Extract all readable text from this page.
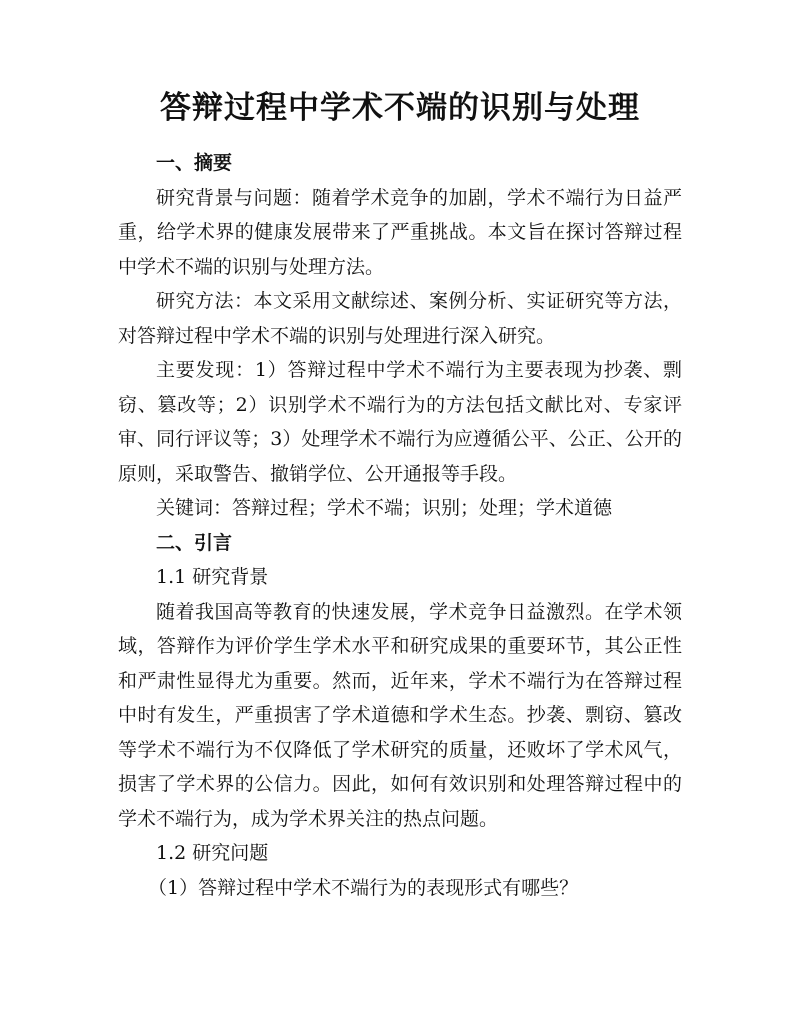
答辩过程中学术不端的识别与处理

一、摘要

研究背景与问题：随着学术竞争的加剧，学术不端行为日益严重，给学术界的健康发展带来了严重挑战。本文旨在探讨答辩过程中学术不端的识别与处理方法。

研究方法：本文采用文献综述、案例分析、实证研究等方法，对答辩过程中学术不端的识别与处理进行深入研究。

主要发现：1）答辩过程中学术不端行为主要表现为抄袭、剽窃、篡改等；2）识别学术不端行为的方法包括文献比对、专家评审、同行评议等；3）处理学术不端行为应遵循公平、公正、公开的原则，采取警告、撤销学位、公开通报等手段。

关键词：答辩过程；学术不端；识别；处理；学术道德

二、引言

1.1 研究背景

随着我国高等教育的快速发展，学术竞争日益激烈。在学术领域，答辩作为评价学生学术水平和研究成果的重要环节，其公正性和严肃性显得尤为重要。然而，近年来，学术不端行为在答辩过程中时有发生，严重损害了学术道德和学术生态。抄袭、剽窃、篡改等学术不端行为不仅降低了学术研究的质量，还败坏了学术风气，损害了学术界的公信力。因此，如何有效识别和处理答辩过程中的学术不端行为，成为学术界关注的热点问题。

1.2 研究问题

（1）答辩过程中学术不端行为的表现形式有哪些？
